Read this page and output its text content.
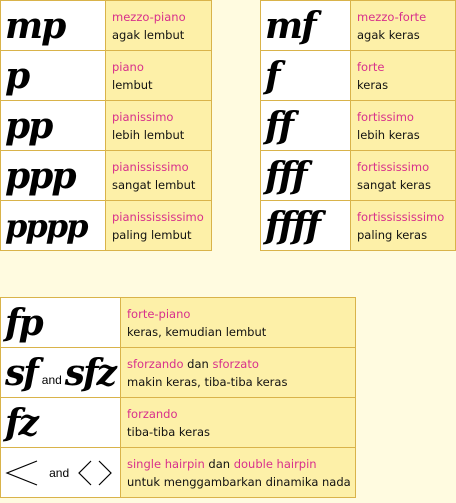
mp	mezzo-piano
agak lembut

p	piano
lembut

pp	pianissimo
lebih lembut

ppp	pianississimo
sangat lembut

pppp	pianissississimo
paling lembut
mf	mezzo-forte
agak keras

f	forte
keras

ff	fortissimo
lebih keras

fff	fortississimo
sangat keras

ffff	fortissississimo
paling keras
fp	forte-piano
keras, kemudian lembut

sf andsfz	sforzando dan sforzato
makin keras, tiba-tiba keras

fz	forzando
tiba-tiba keras

and	single hairpin dan double hairpin
untuk menggambarkan dinamika nada
